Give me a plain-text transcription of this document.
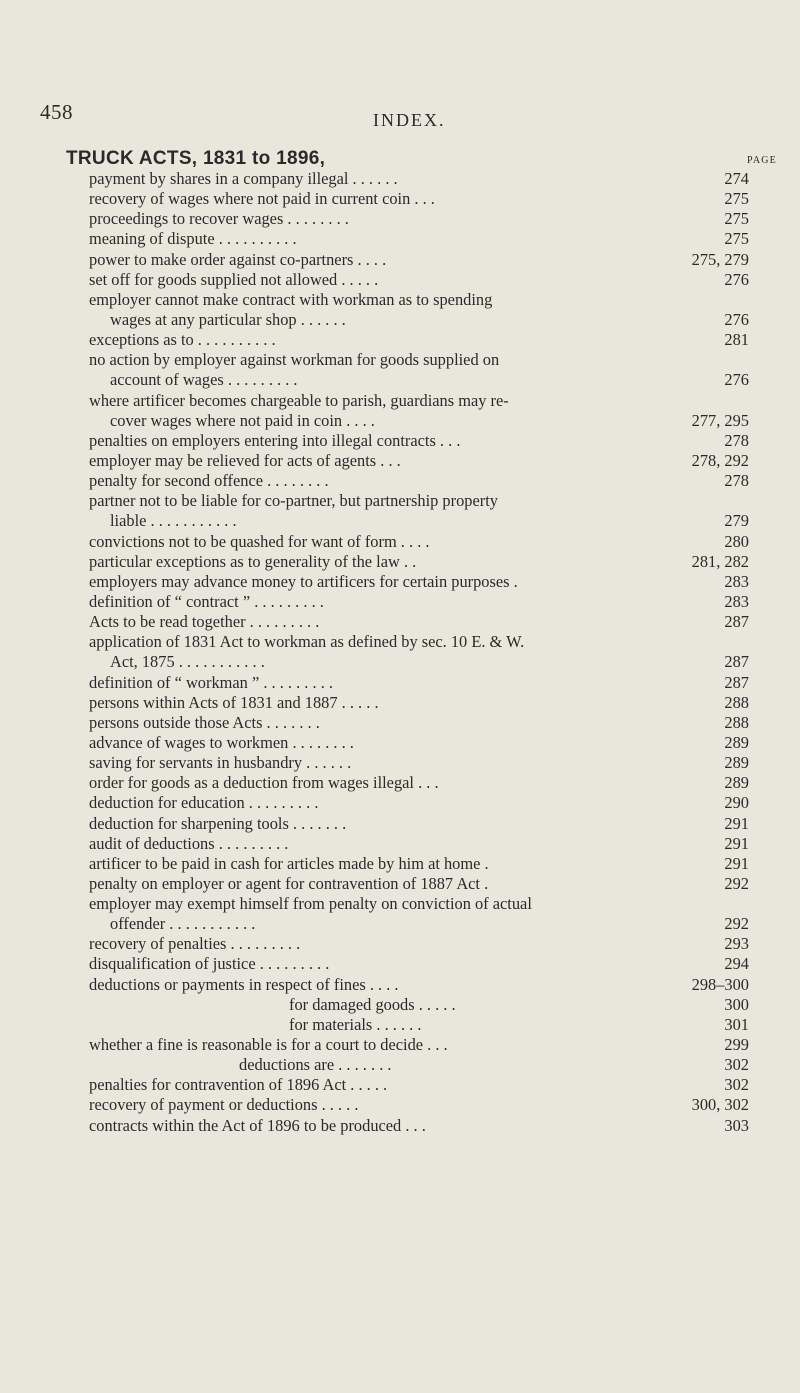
458	INDEX.
TRUCK ACTS, 1831 to 1896,	PAGE
payment by shares in a company illegal . . . . . .	274
recovery of wages where not paid in current coin . . .	275
proceedings to recover wages . . . . . . . .	275
meaning of dispute . . . . . . . . . .	275
power to make order against co-partners . . . .	275, 279
set off for goods supplied not allowed . . . . .	276
employer cannot make contract with workman as to spending
wages at any particular shop . . . . . .	276
exceptions as to . . . . . . . . . .	281
no action by employer against workman for goods supplied on
account of wages . . . . . . . . .	276
where artificer becomes chargeable to parish, guardians may re-
cover wages where not paid in coin . . . .	277, 295
penalties on employers entering into illegal contracts . . .	278
employer may be relieved for acts of agents . . .	278, 292
penalty for second offence . . . . . . . .	278
partner not to be liable for co-partner, but partnership property
liable . . . . . . . . . . .	279
convictions not to be quashed for want of form . . . .	280
particular exceptions as to generality of the law . .	281, 282
employers may advance money to artificers for certain purposes .	283
definition of “ contract ” . . . . . . . . .	283
Acts to be read together . . . . . . . . .	287
application of 1831 Act to workman as defined by sec. 10 E. & W.
Act, 1875 . . . . . . . . . . .	287
definition of “ workman ” . . . . . . . . .	287
persons within Acts of 1831 and 1887 . . . . .	288
persons outside those Acts . . . . . . .	288
advance of wages to workmen . . . . . . . .	289
saving for servants in husbandry . . . . . .	289
order for goods as a deduction from wages illegal . . .	289
deduction for education . . . . . . . . .	290
deduction for sharpening tools . . . . . . .	291
audit of deductions . . . . . . . . .	291
artificer to be paid in cash for articles made by him at home .	291
penalty on employer or agent for contravention of 1887 Act .	292
employer may exempt himself from penalty on conviction of actual
offender . . . . . . . . . . .	292
recovery of penalties . . . . . . . . .	293
disqualification of justice . . . . . . . . .	294
deductions or payments in respect of fines . . . .	298–300
for damaged goods . . . . .	300
for materials . . . . . .	301
whether a fine is reasonable is for a court to decide . . .	299
deductions are . . . . . . .	302
penalties for contravention of 1896 Act . . . . .	302
recovery of payment or deductions . . . . .	300, 302
contracts within the Act of 1896 to be produced . . .	303
